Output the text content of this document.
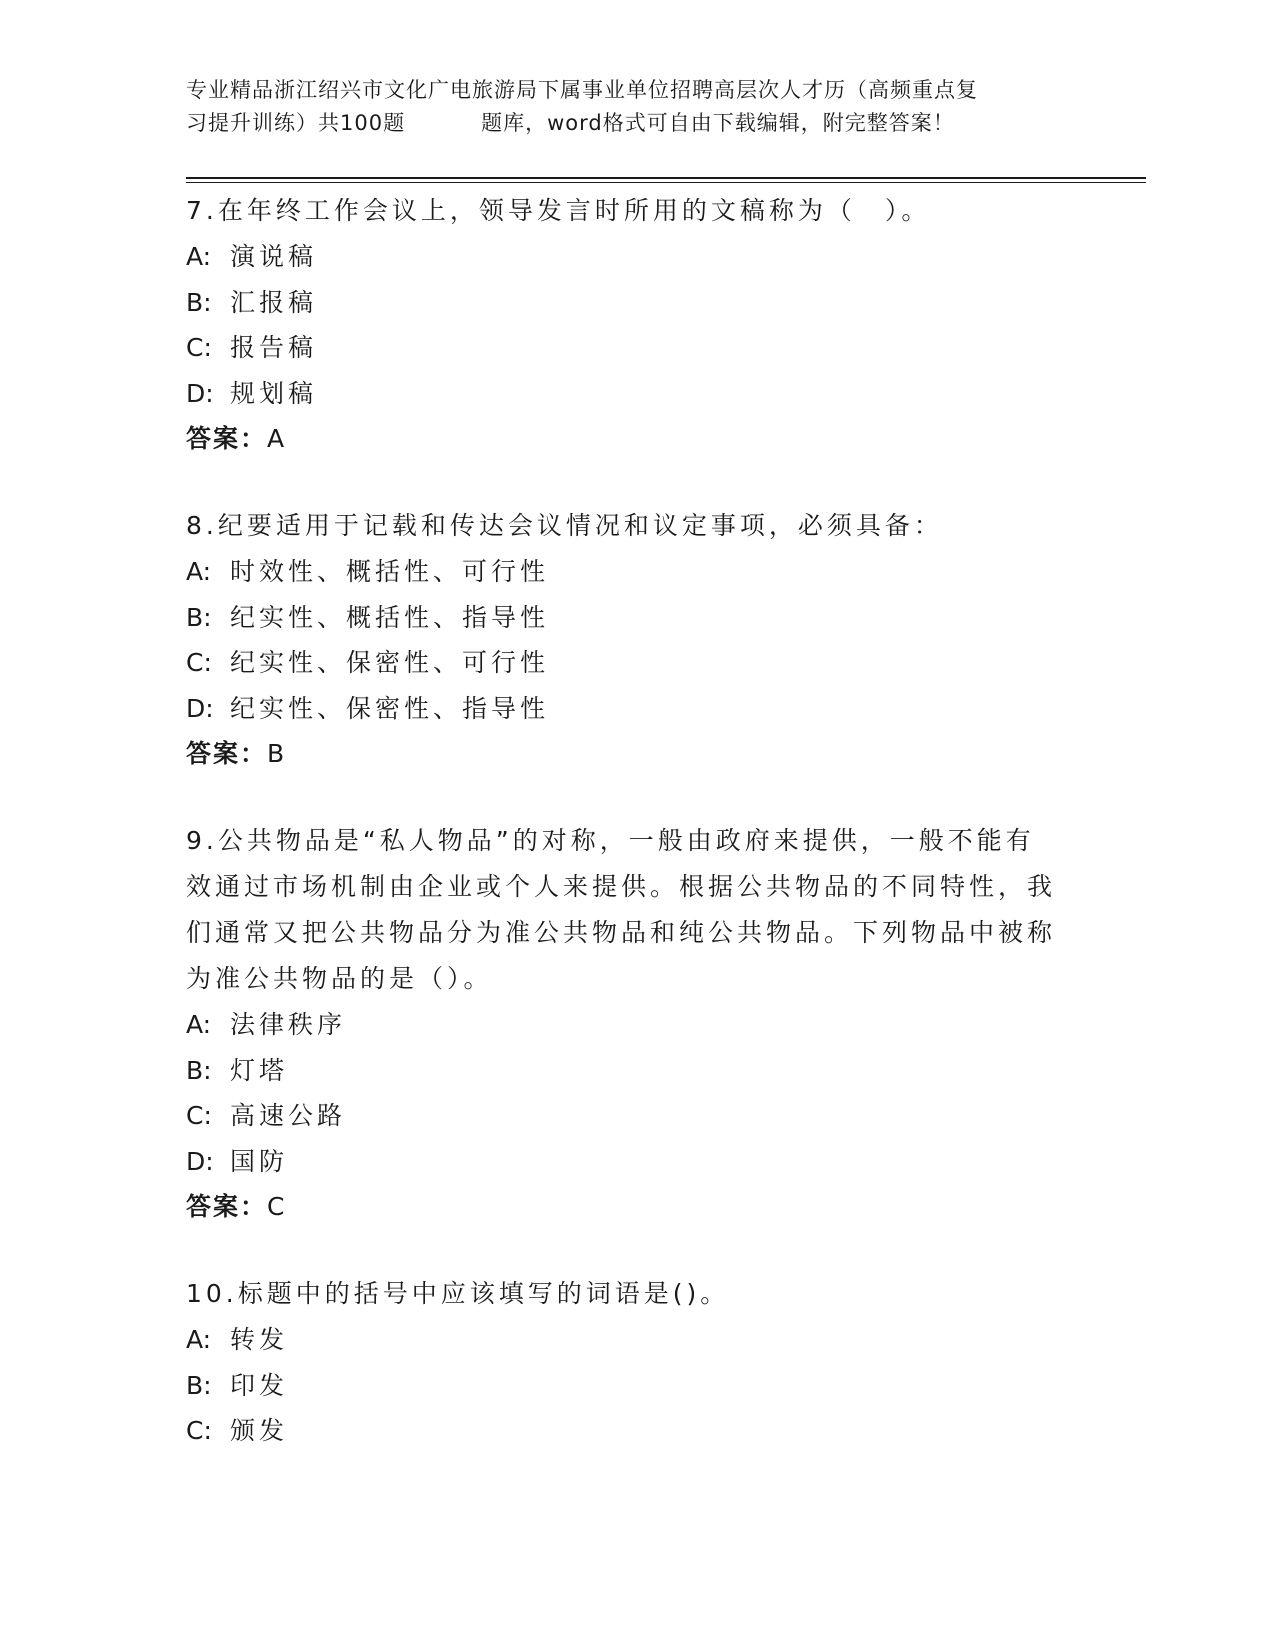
专业精品浙江绍兴市文化广电旅游局下属事业单位招聘高层次人才历（高频重点复
习提升训练）共100题	题库，word格式可自由下载编辑，附完整答案！

7.在年终工作会议上，领导发言时所用的文稿称为（　）。

A: 演说稿

B: 汇报稿

C: 报告稿

D: 规划稿

答案：A

8.纪要适用于记载和传达会议情况和议定事项，必须具备：

A: 时效性、概括性、可行性

B: 纪实性、概括性、指导性

C: 纪实性、保密性、可行性

D: 纪实性、保密性、指导性

答案：B

9.公共物品是“私人物品”的对称，一般由政府来提供，一般不能有

效通过市场机制由企业或个人来提供。根据公共物品的不同特性，我

们通常又把公共物品分为准公共物品和纯公共物品。下列物品中被称

为准公共物品的是（）。

A: 法律秩序

B: 灯塔

C: 高速公路

D: 国防

答案：C

10.标题中的括号中应该填写的词语是()。

A: 转发

B: 印发

C: 颁发
